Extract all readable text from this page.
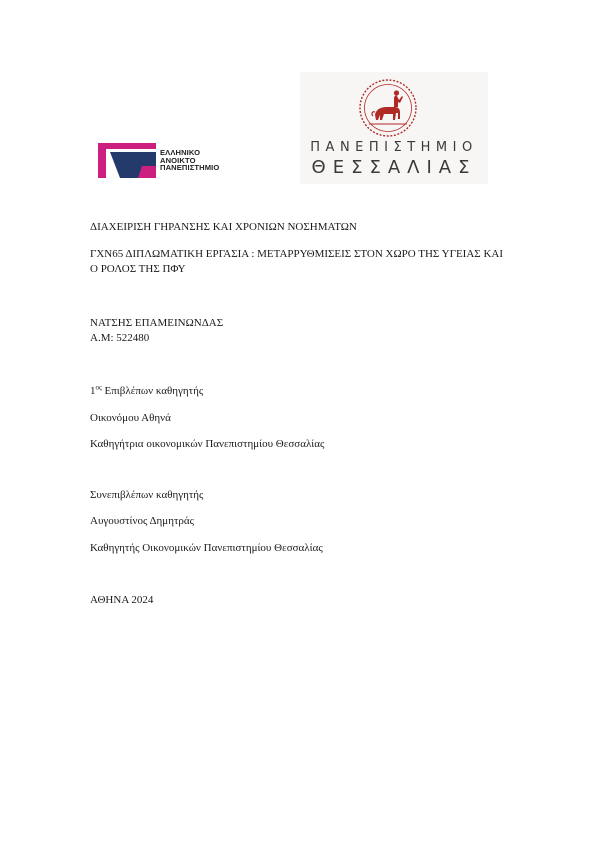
ΕΛΛΗΝΙΚΟ
ΑΝΟΙΚΤΟ
ΠΑΝΕΠΙΣΤΗΜΙΟ
ΠΑΝΕΠΙΣΤΗΜΙΟ
ΘΕΣΣΑΛΙΑΣ
ΔΙΑΧΕΙΡΙΣΗ ΓΗΡΑΝΣΗΣ ΚΑΙ ΧΡΟΝΙΩΝ ΝΟΣΗΜΑΤΩΝ
ΓΧΝ65 ΔΙΠΛΩΜΑΤΙΚΗ ΕΡΓΑΣΙΑ : ΜΕΤΑΡΡΥΘΜΙΣΕΙΣ ΣΤΟΝ ΧΩΡΟ ΤΗΣ ΥΓΕΙΑΣ ΚΑΙ Ο ΡΟΛΟΣ ΤΗΣ ΠΦΥ
ΝΑΤΣΗΣ ΕΠΑΜΕΙΝΩΝΔΑΣ
Α.Μ: 522480
$1^{o\varsigma}$ Επιβλέπων καθηγητής
Οικονόμου Αθηνά
Καθηγήτρια οικονομικών Πανεπιστημίου Θεσσαλίας
Συνεπιβλέπων καθηγητής
Αυγουστίνος Δημητράς
Καθηγητής Οικονομικών Πανεπιστημίου Θεσσαλίας
ΑΘΗΝΑ 2024
